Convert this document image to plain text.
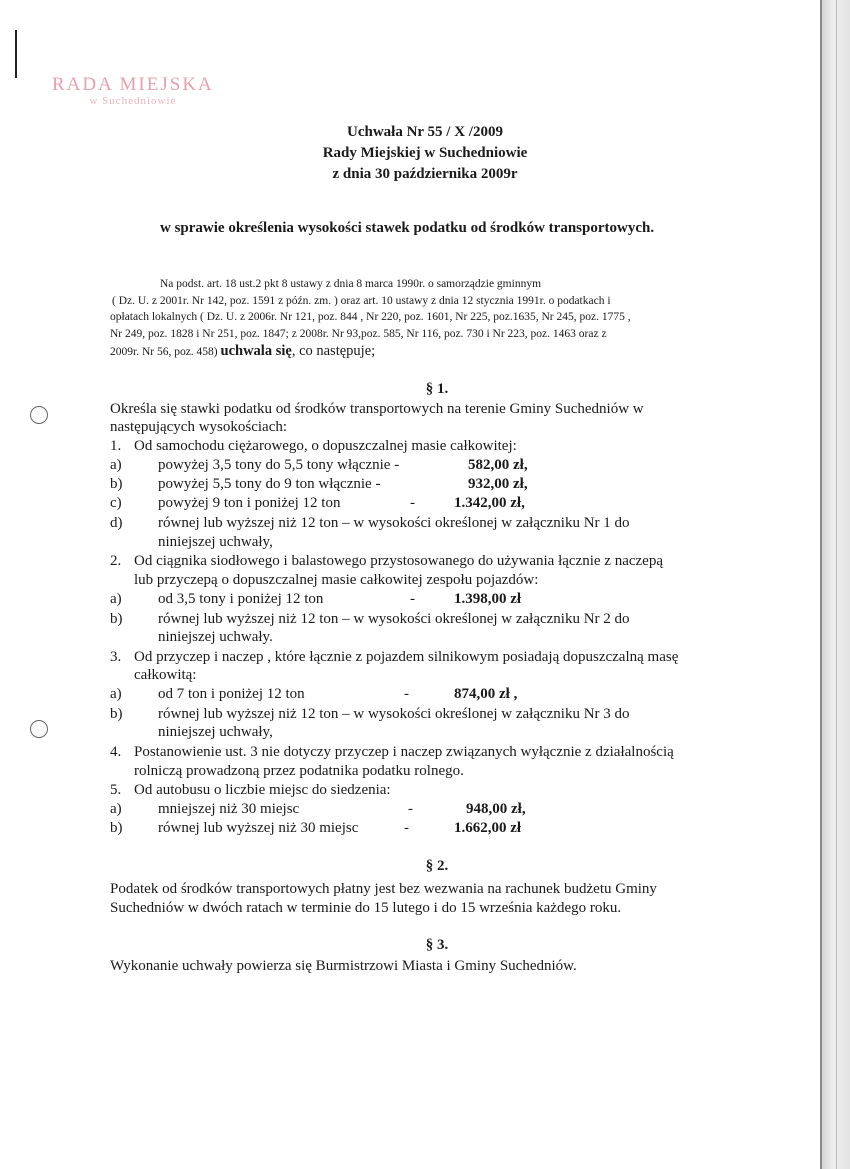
RADA MIEJSKA
w Suchedniowie
Uchwała Nr 55 / X /2009
Rady Miejskiej w Suchedniowie
z dnia 30 października 2009r
w sprawie określenia wysokości stawek podatku od środków transportowych.
Na podst. art. 18 ust.2 pkt 8 ustawy z dnia 8 marca 1990r. o samorządzie gminnym
( Dz. U. z 2001r. Nr 142, poz. 1591 z późn. zm. ) oraz art. 10 ustawy z dnia 12 stycznia 1991r. o podatkach i
opłatach lokalnych ( Dz. U. z 2006r. Nr 121, poz. 844 , Nr 220, poz. 1601, Nr 225, poz.1635, Nr 245, poz. 1775 ,
Nr 249, poz. 1828 i Nr 251, poz. 1847; z 2008r. Nr 93,poz. 585, Nr 116, poz. 730 i Nr 223, poz. 1463 oraz z
2009r. Nr 56, poz. 458) uchwala się, co następuje;
§ 1.
Określa się stawki podatku od środków transportowych na terenie Gminy Suchedniów w
następujących wysokościach:
1. Od samochodu ciężarowego, o dopuszczalnej masie całkowitej:
a) powyżej 3,5 tony do 5,5 tony włącznie -	582,00 zł,
b) powyżej 5,5 tony do 9 ton włącznie -	932,00 zł,
c) powyżej 9 ton i poniżej 12 ton	-	1.342,00 zł,
d) równej lub wyższej niż 12 ton – w wysokości określonej w załączniku Nr 1 do
niniejszej uchwały,
2. Od ciągnika siodłowego i balastowego przystosowanego do używania łącznie z naczepą
lub przyczepą o dopuszczalnej masie całkowitej zespołu pojazdów:
a) od 3,5 tony i poniżej 12 ton	-	1.398,00 zł
b) równej lub wyższej niż 12 ton – w wysokości określonej w załączniku Nr 2 do
niniejszej uchwały.
3. Od przyczep i naczep , które łącznie z pojazdem silnikowym posiadają dopuszczalną masę
całkowitą:
a) od 7 ton i poniżej 12 ton	-	874,00 zł ,
b) równej lub wyższej niż 12 ton – w wysokości określonej w załączniku Nr 3 do
niniejszej uchwały,
4. Postanowienie ust. 3 nie dotyczy przyczep i naczep związanych wyłącznie z działalnością
rolniczą prowadzoną przez podatnika podatku rolnego.
5. Od autobusu o liczbie miejsc do siedzenia:
a) mniejszej niż 30 miejsc	-	948,00 zł,
b) równej lub wyższej niż 30 miejsc	-	1.662,00 zł
§ 2.
Podatek od środków transportowych płatny jest bez wezwania na rachunek budżetu Gminy
Suchedniów w dwóch ratach w terminie do 15 lutego i do 15 września każdego roku.
§ 3.
Wykonanie uchwały powierza się Burmistrzowi Miasta i Gminy Suchedniów.
